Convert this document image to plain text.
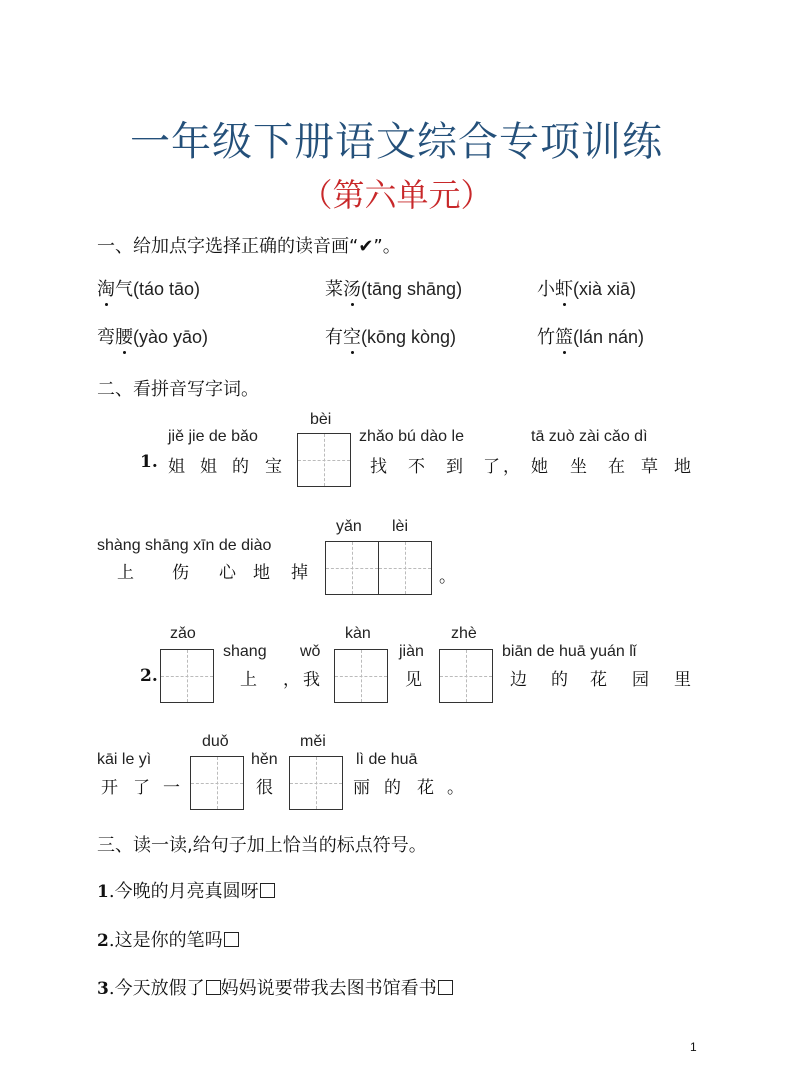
一年级下册语文综合专项训练
（第六单元）
一、给加点字选择正确的读音画“✔”。
淘气(táo tāo)	菜汤(tāng shāng)	小虾(xià xiā)
弯腰(yào yāo)	有空(kōng kòng)	竹篮(lán nán)
二、看拼音写字词。
jiě jie de bǎo
1. 姐 姐 的 宝
bèi
zhǎo bú dào le
找 不 到 了 ，
tā zuò zài cǎo dì
她 坐 在 草 地
shàng shāng xīn de diào
上 伤 心 地 掉
yǎn lèi
。
zǎo
2.
shang wǒ
上 ， 我
kàn
jiàn
见
zhè
biān de huā yuán lǐ
边 的 花 园 里
kāi le yì
开 了 一
duǒ
hěn
很
měi
lì de huā
丽 的 花 。
三、读一读,给句子加上恰当的标点符号。
1.今晚的月亮真圆呀
2.这是你的笔吗
3.今天放假了 妈妈说要带我去图书馆看书
1
